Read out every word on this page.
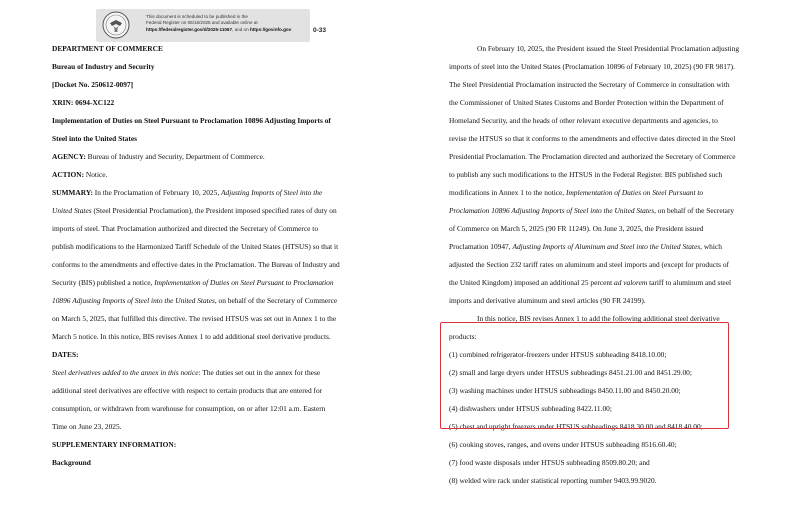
This document is scheduled to be published in the
Federal Register on 06/16/2025 and available online at
https://federalregister.gov/d/2025-11067, and on https://govinfo.gov	0-33
DEPARTMENT OF COMMERCE
Bureau of Industry and Security
[Docket No. 250612-0097]
XRIN: 0694-XC122
Implementation of Duties on Steel Pursuant to Proclamation 10896 Adjusting Imports of
Steel into the United States
AGENCY: Bureau of Industry and Security, Department of Commerce.
ACTION: Notice.
SUMMARY: In the Proclamation of February 10, 2025, Adjusting Imports of Steel into the
United States (Steel Presidential Proclamation), the President imposed specified rates of duty on
imports of steel. That Proclamation authorized and directed the Secretary of Commerce to
publish modifications to the Harmonized Tariff Schedule of the United States (HTSUS) so that it
conforms to the amendments and effective dates in the Proclamation. The Bureau of Industry and
Security (BIS) published a notice, Implementation of Duties on Steel Pursuant to Proclamation
10896 Adjusting Imports of Steel into the United States, on behalf of the Secretary of Commerce
on March 5, 2025, that fulfilled this directive. The revised HTSUS was set out in Annex 1 to the
March 5 notice. In this notice, BIS revises Annex 1 to add additional steel derivative products.
DATES:
Steel derivatives added to the annex in this notice: The duties set out in the annex for these
additional steel derivatives are effective with respect to certain products that are entered for
consumption, or withdrawn from warehouse for consumption, on or after 12:01 a.m. Eastern
Time on June 23, 2025.
SUPPLEMENTARY INFORMATION:
Background
On February 10, 2025, the President issued the Steel Presidential Proclamation adjusting
imports of steel into the United States (Proclamation 10896 of February 10, 2025) (90 FR 9817).
The Steel Presidential Proclamation instructed the Secretary of Commerce in consultation with
the Commissioner of United States Customs and Border Protection within the Department of
Homeland Security, and the heads of other relevant executive departments and agencies, to
revise the HTSUS so that it conforms to the amendments and effective dates directed in the Steel
Presidential Proclamation. The Proclamation directed and authorized the Secretary of Commerce
to publish any such modifications to the HTSUS in the Federal Register. BIS published such
modifications in Annex 1 to the notice, Implementation of Duties on Steel Pursuant to
Proclamation 10896 Adjusting Imports of Steel into the United States, on behalf of the Secretary
of Commerce on March 5, 2025 (90 FR 11249). On June 3, 2025, the President issued
Proclamation 10947, Adjusting Imports of Aluminum and Steel into the United States, which
adjusted the Section 232 tariff rates on aluminum and steel imports and (except for products of
the United Kingdom) imposed an additional 25 percent ad valorem tariff to aluminum and steel
imports and derivative aluminum and steel articles (90 FR 24199).
In this notice, BIS revises Annex 1 to add the following additional steel derivative
products:
(1) combined refrigerator-freezers under HTSUS subheading 8418.10.00;
(2) small and large dryers under HTSUS subheadings 8451.21.00 and 8451.29.00;
(3) washing machines under HTSUS subheadings 8450.11.00 and 8450.20.00;
(4) dishwashers under HTSUS subheading 8422.11.00;
(5) chest and upright freezers under HTSUS subheadings 8418.30.00 and 8418.40.00;
(6) cooking stoves, ranges, and ovens under HTSUS subheading 8516.60.40;
(7) food waste disposals under HTSUS subheading 8509.80.20; and
(8) welded wire rack under statistical reporting number 9403.99.9020.
